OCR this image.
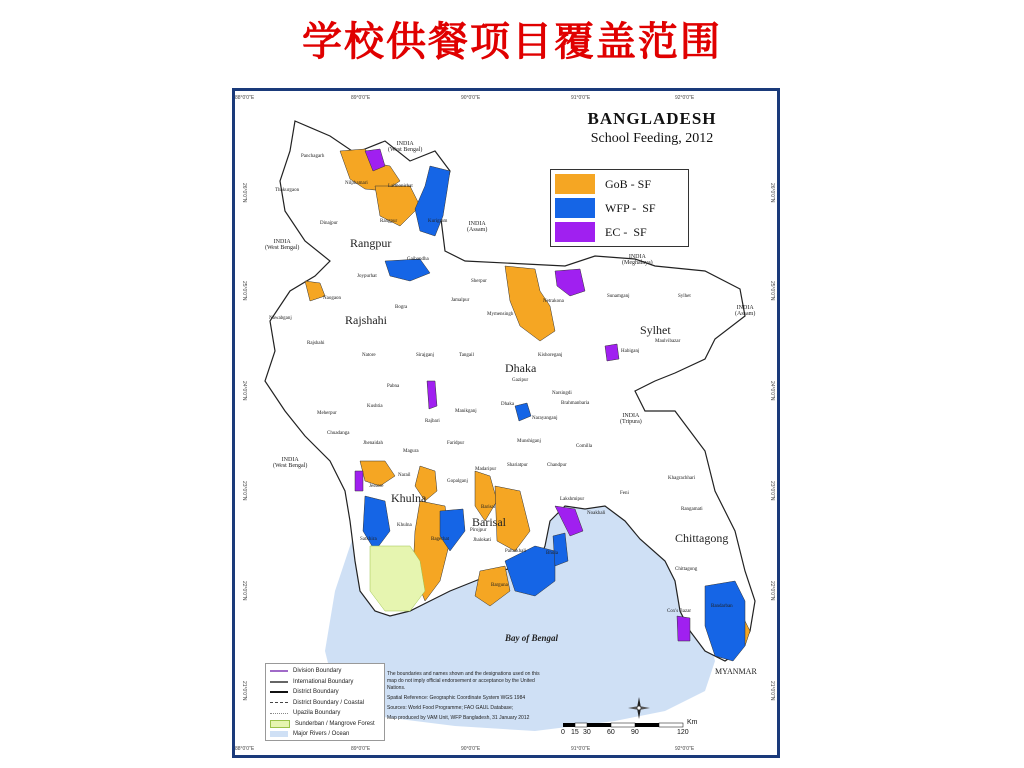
学校供餐项目覆盖范围
BANGLADESH
School Feeding, 2012
GoB - SF
WFP -  SF
EC -  SF
Rangpur
Rajshahi
Dhaka
Sylhet
Khulna
Barisal
Chittagong
INDIA
(West Bengal)
INDIA
(Assam)
INDIA
(West Bengal)
INDIA
(Meghalaya)
INDIA
(Assam)
INDIA
(Tripura)
INDIA
(West Bengal)
MYANMAR
Bay of Bengal
Panchagarh
Nilphamari
Lalmonirhat
Thakurgaon
Dinajpur	Rangpur	Kurigram
Gaibandha
Joypurhat
Naogaon
Nawabganj
Bogra
Rajshahi
Natore	Sirajganj
Jamalpur
Sherpur
Netrakona
Sunamganj	Sylhet
Mymensingh
Tangail	Kishoreganj
Habiganj
Maulvibazar
Pabna
Kushtia
Gazipur
Narsingdi
Brahmanbaria
Manikganj
Dhaka
Narayanganj
Meherpur
Chuadanga
Jhenaidah
Magura
Rajbari
Faridpur	Munshiganj
Comilla
Shariatpur	Chandpur
Madaripur
Gopalganj
Narail
Jessore
Khulna
Satkhira	Bagerhat
Pirojpur
Jhalokati
Barisal
Lakshmipur
Noakhali
Feni
Patuakhali	Bhola
Barguna
Khagrachhari
Rangamati
Chittagong
Cox's Bazar
Bandarban
88°0'0"E	89°0'0"E	90°0'0"E	91°0'0"E	92°0'0"E
88°0'0"E	89°0'0"E	90°0'0"E	91°0'0"E	92°0'0"E
26°0'0"N
25°0'0"N
24°0'0"N
23°0'0"N
22°0'0"N
21°0'0"N
26°0'0"N
25°0'0"N
24°0'0"N
23°0'0"N
22°0'0"N
21°0'0"N
Division Boundary
International Boundary
District Boundary
District Boundary / Coastal
Upazila Boundary
Sunderban / Mangrove Forest
Major Rivers / Ocean
The boundaries and names shown and the designations used on this map do not imply official endorsement or acceptance by the United Nations.
Spatial Reference: Geographic Coordinate System WGS 1984
Sources: World Food Programme; FAO GAUL Database;
Map produced by VAM Unit, WFP Bangladesh, 31 January 2012
Km
0 15 30 60 90	120
